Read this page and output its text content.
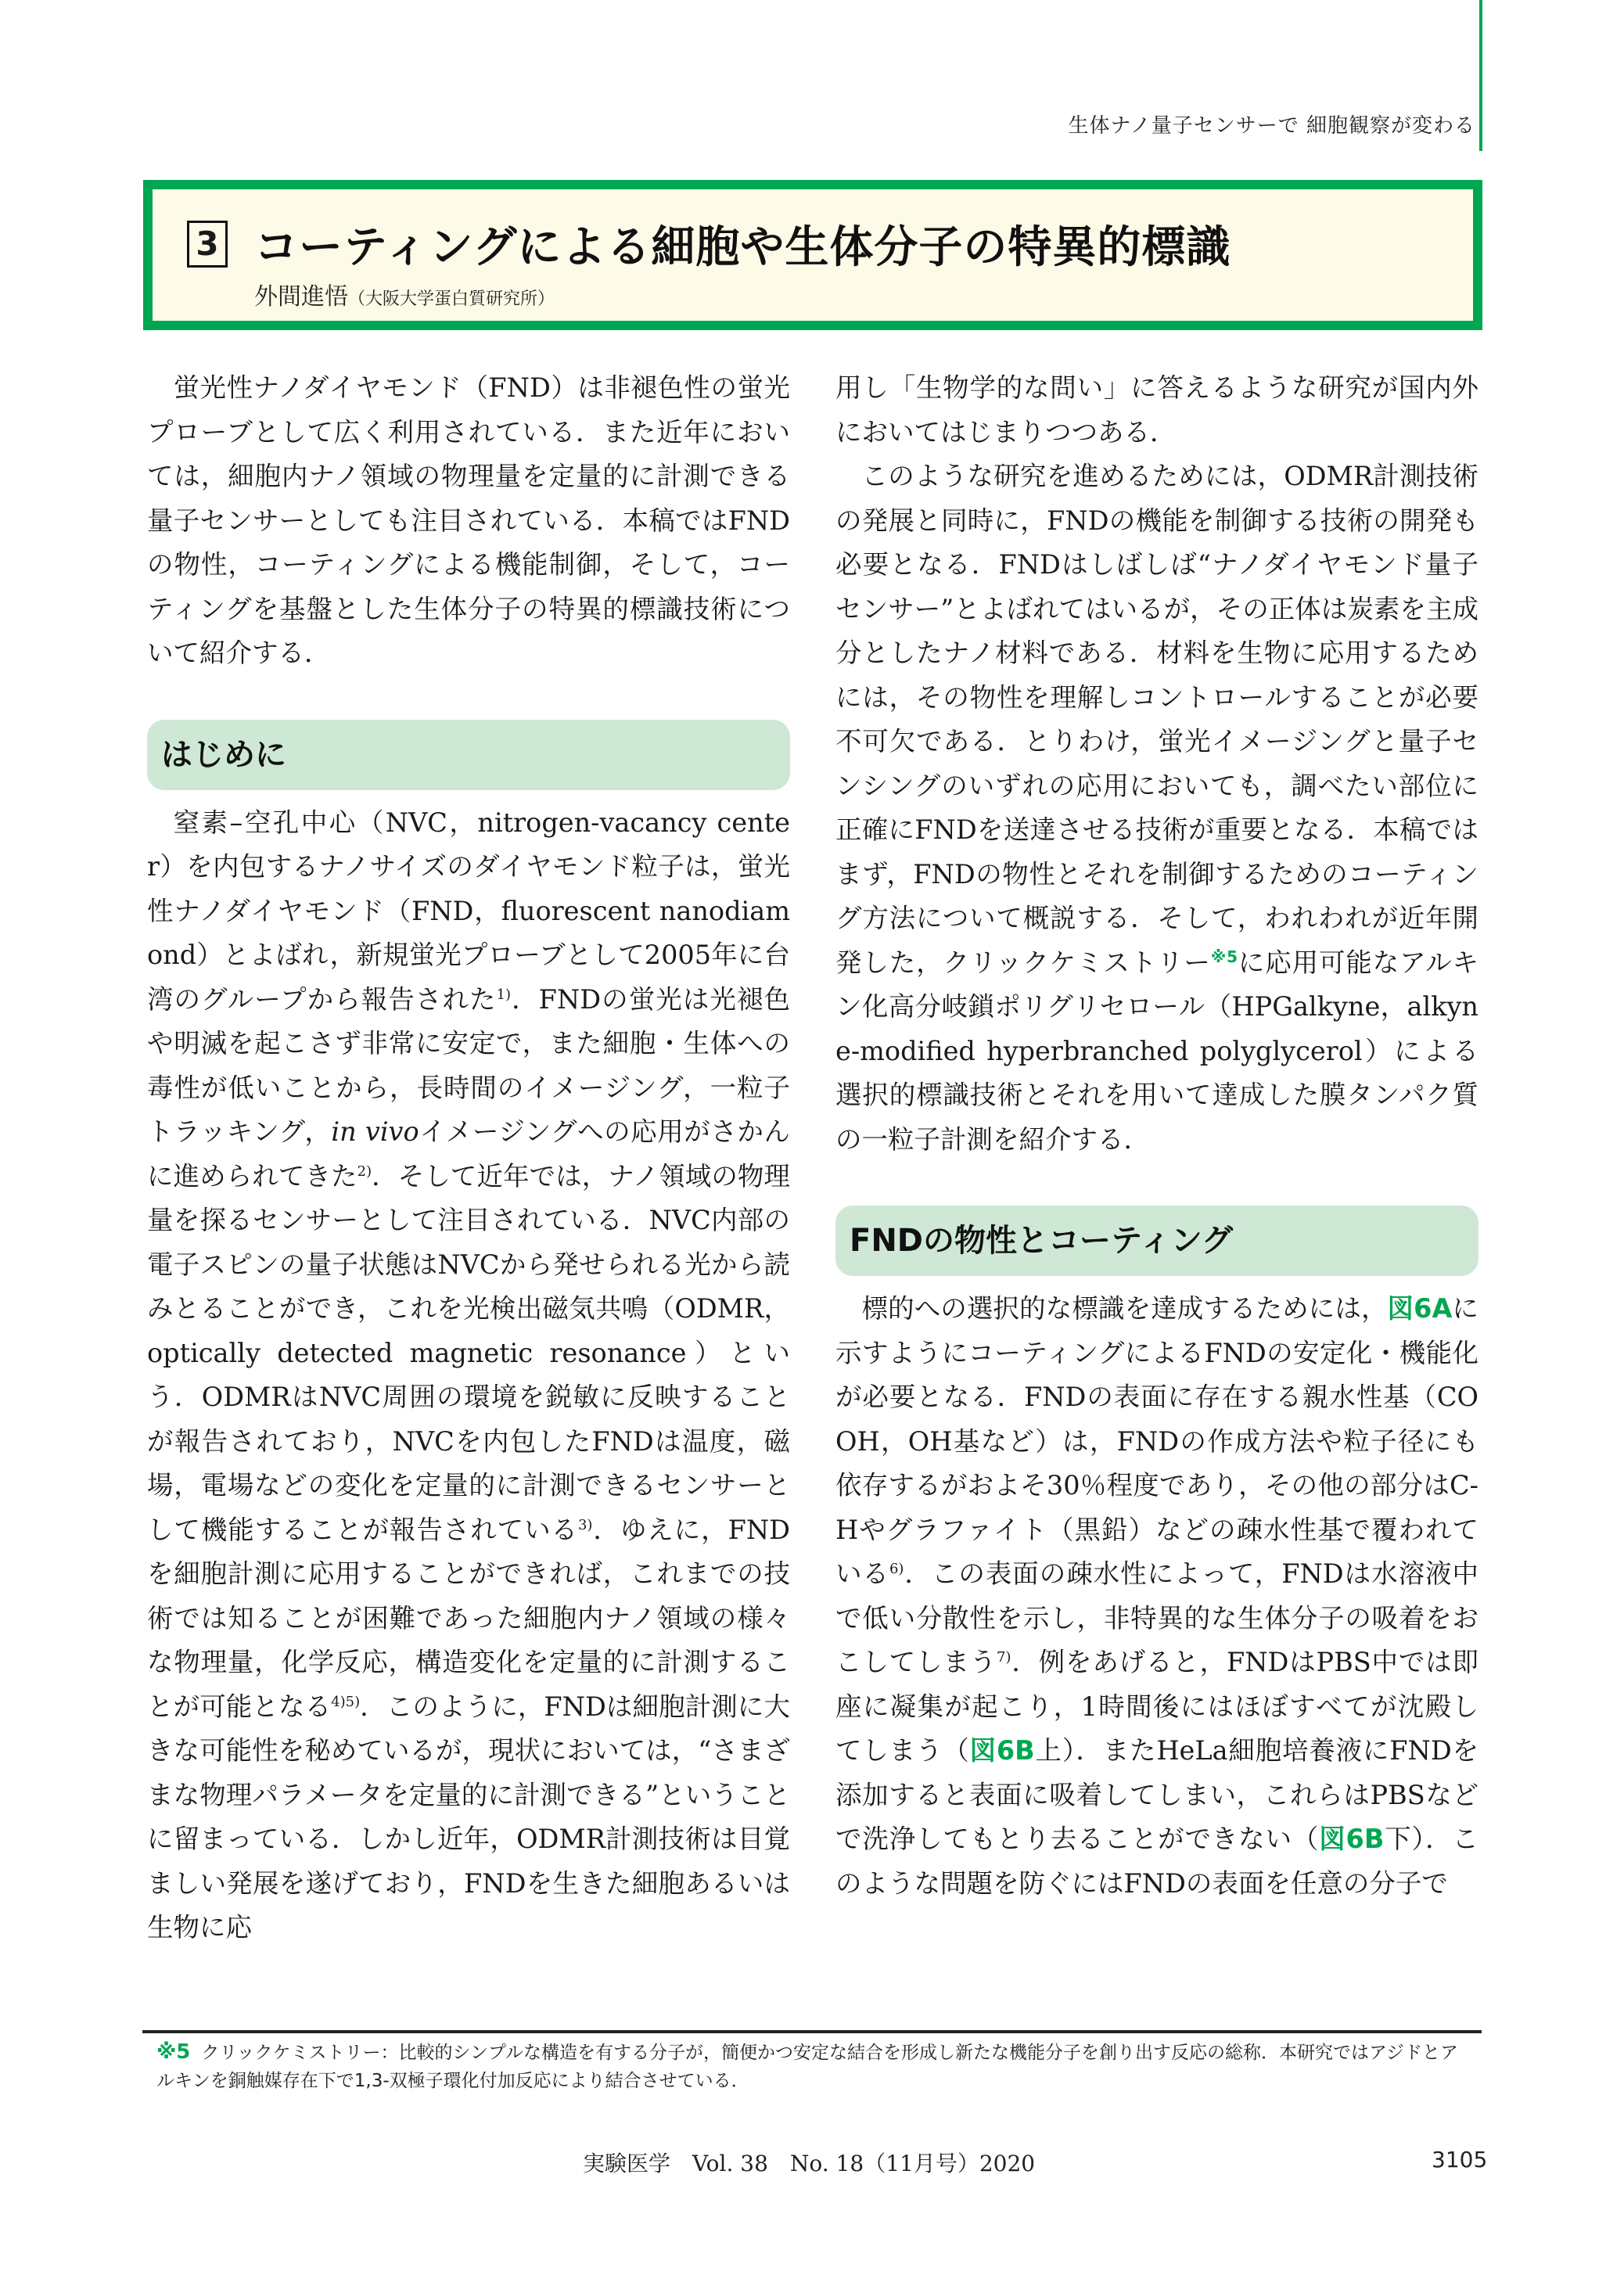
生体ナノ量子センサーで 細胞観察が変わる
3 コーティングによる細胞や生体分子の特異的標識
外間進悟（大阪大学蛋白質研究所）

蛍光性ナノダイヤモンド（FND）は非褪色性の蛍光プローブとして広く利用されている．また近年においては，細胞内ナノ領域の物理量を定量的に計測できる量子センサーとしても注目されている．本稿ではFNDの物性，コーティングによる機能制御，そして，コーティングを基盤とした生体分子の特異的標識技術について紹介する．

はじめに

窒素–空孔中心（NVC，nitrogen-vacancy center）を内包するナノサイズのダイヤモンド粒子は，蛍光性ナノダイヤモンド（FND，fluorescent nanodiamond）とよばれ，新規蛍光プローブとして2005年に台湾のグループから報告された$^{1)}$．FNDの蛍光は光褪色や明滅を起こさず非常に安定で，また細胞・生体への毒性が低いことから，長時間のイメージング，一粒子トラッキング，in vivoイメージングへの応用がさかんに進められてきた$^{2)}$．そして近年では，ナノ領域の物理量を探るセンサーとして注目されている．NVC内部の電子スピンの量子状態はNVCから発せられる光から読みとることができ，これを光検出磁気共鳴（ODMR，optically detected magnetic resonance）という．ODMRはNVC周囲の環境を鋭敏に反映することが報告されており，NVCを内包したFNDは温度，磁場，電場などの変化を定量的に計測できるセンサーとして機能することが報告されている$^{3)}$．ゆえに，FNDを細胞計測に応用することができれば，これまでの技術では知ることが困難であった細胞内ナノ領域の様々な物理量，化学反応，構造変化を定量的に計測することが可能となる$^{4)5)}$．このように，FNDは細胞計測に大きな可能性を秘めているが，現状においては，“さまざまな物理パラメータを定量的に計測できる”ということに留まっている．しかし近年，ODMR計測技術は目覚ましい発展を遂げており，FNDを生きた細胞あるいは生物に応

用し「生物学的な問い」に答えるような研究が国内外においてはじまりつつある．

このような研究を進めるためには，ODMR計測技術の発展と同時に，FNDの機能を制御する技術の開発も必要となる．FNDはしばしば“ナノダイヤモンド量子センサー”とよばれてはいるが，その正体は炭素を主成分としたナノ材料である．材料を生物に応用するためには，その物性を理解しコントロールすることが必要不可欠である．とりわけ，蛍光イメージングと量子センシングのいずれの応用においても，調べたい部位に正確にFNDを送達させる技術が重要となる．本稿ではまず，FNDの物性とそれを制御するためのコーティング方法について概説する．そして，われわれが近年開発した，クリックケミストリー$^{※5}$に応用可能なアルキン化高分岐鎖ポリグリセロール（HPGalkyne，alkyne-modified hyperbranched polyglycerol）による選択的標識技術とそれを用いて達成した膜タンパク質の一粒子計測を紹介する．

FNDの物性とコーティング

標的への選択的な標識を達成するためには，図6Aに示すようにコーティングによるFNDの安定化・機能化が必要となる．FNDの表面に存在する親水性基（COOH，OH基など）は，FNDの作成方法や粒子径にも依存するがおよそ30％程度であり，その他の部分はC-Hやグラファイト（黒鉛）などの疎水性基で覆われている$^{6)}$．この表面の疎水性によって，FNDは水溶液中で低い分散性を示し，非特異的な生体分子の吸着をおこしてしまう$^{7)}$．例をあげると，FNDはPBS中では即座に凝集が起こり，1時間後にはほぼすべてが沈殿してしまう（図6B上）．またHeLa細胞培養液にFNDを添加すると表面に吸着してしまい，これらはPBSなどで洗浄してもとり去ることができない（図6B下）．このような問題を防ぐにはFNDの表面を任意の分子で

※5 クリックケミストリー：比較的シンプルな構造を有する分子が，簡便かつ安定な結合を形成し新たな機能分子を創り出す反応の総称．本研究ではアジドとアルキンを銅触媒存在下で1,3-双極子環化付加反応により結合させている．
実験医学　Vol. 38　No. 18（11月号）2020	3105
